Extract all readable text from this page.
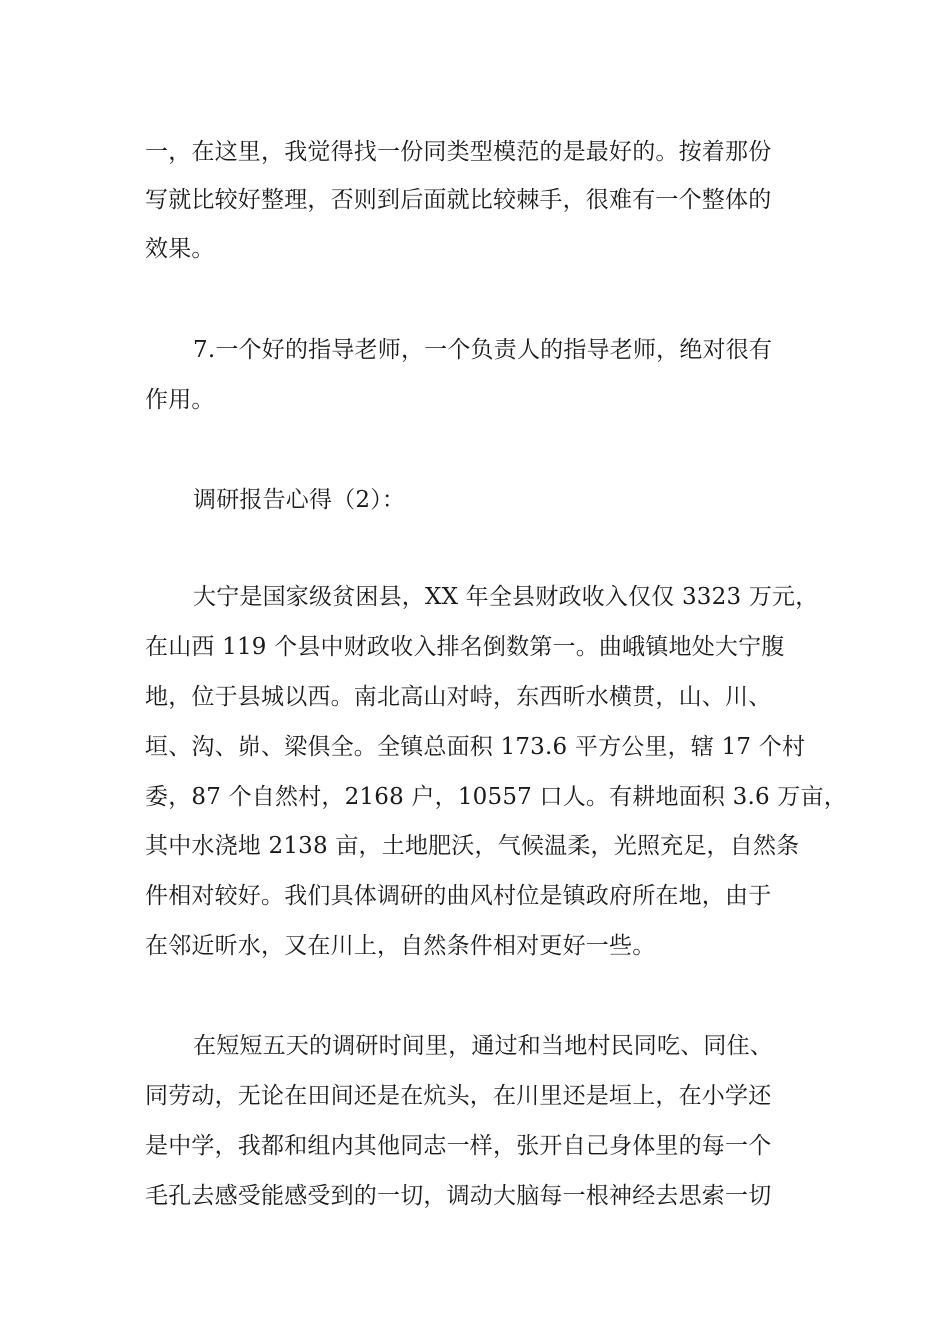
一，在这里，我觉得找一份同类型模范的是最好的。按着那份
写就比较好整理，否则到后面就比较棘手，很难有一个整体的
效果。
7.一个好的指导老师，一个负责人的指导老师，绝对很有
作用。
调研报告心得（2）：
大宁是国家级贫困县，XX 年全县财政收入仅仅 3323 万元，
在山西 119 个县中财政收入排名倒数第一。曲峨镇地处大宁腹
地，位于县城以西。南北高山对峙，东西昕水横贯，山、川、
垣、沟、峁、梁俱全。全镇总面积 173.6 平方公里，辖 17 个村
委，87 个自然村，2168 户，10557 口人。有耕地面积 3.6 万亩，
其中水浇地 2138 亩，土地肥沃，气候温柔，光照充足，自然条
件相对较好。我们具体调研的曲风村位是镇政府所在地，由于
在邻近昕水，又在川上，自然条件相对更好一些。
在短短五天的调研时间里，通过和当地村民同吃、同住、
同劳动，无论在田间还是在炕头，在川里还是垣上，在小学还
是中学，我都和组内其他同志一样，张开自己身体里的每一个
毛孔去感受能感受到的一切，调动大脑每一根神经去思索一切
